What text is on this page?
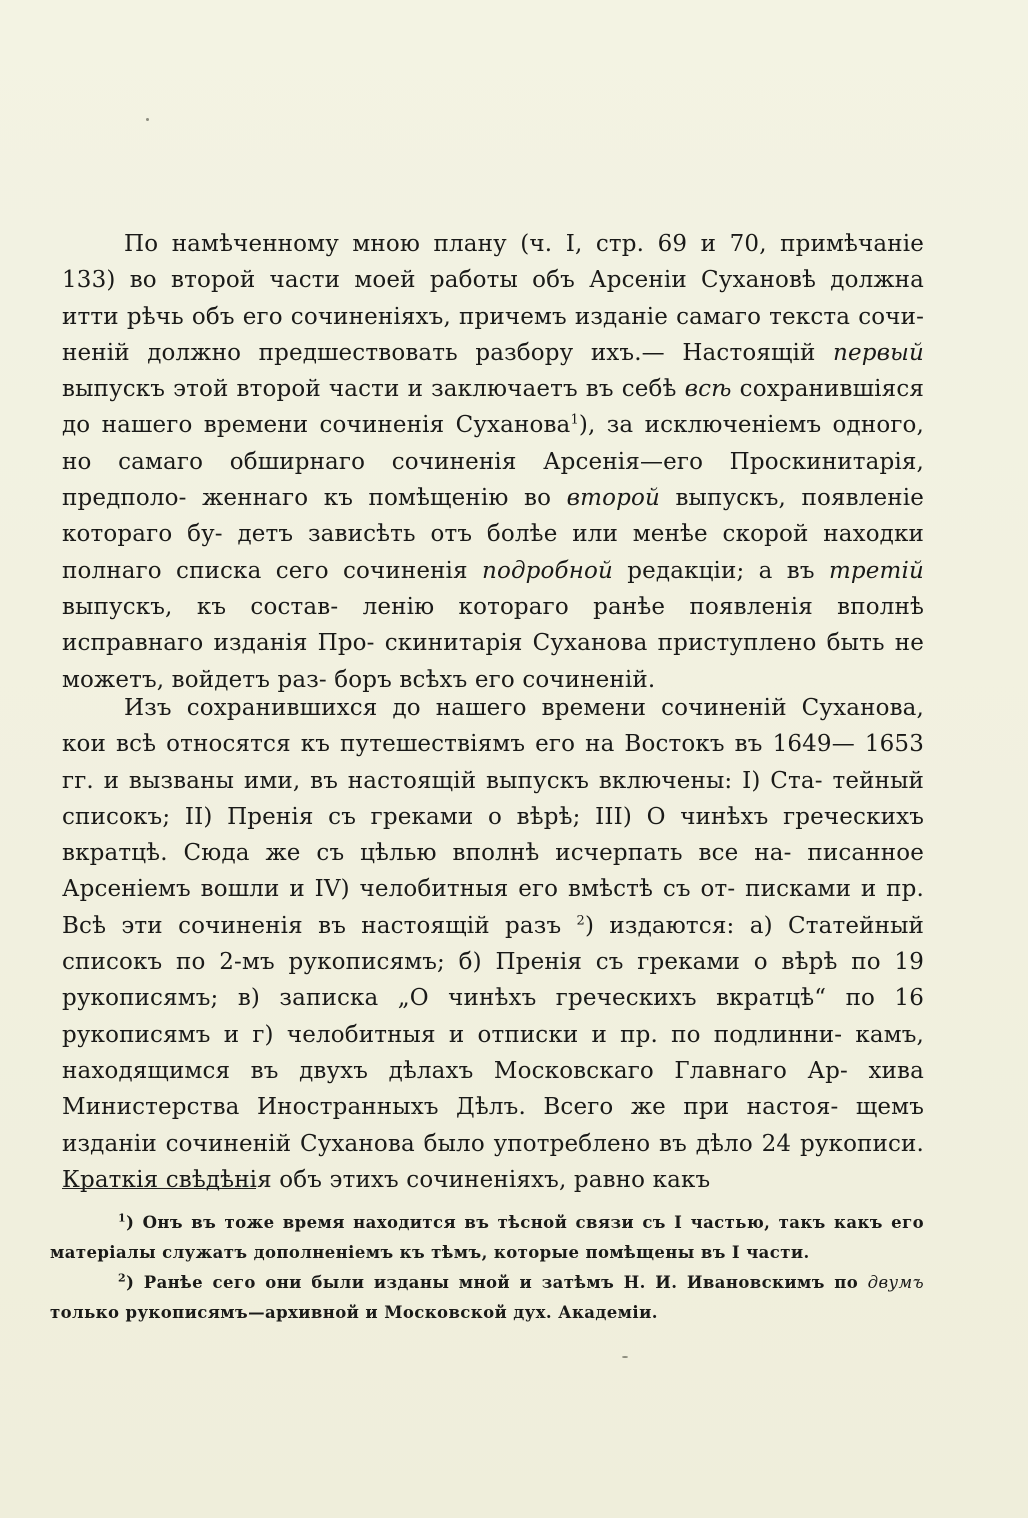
По намѣченному мною плану (ч. I, стр. 69 и 70, примѣчаніе 133) во второй части моей работы объ Арсеніи Сухановѣ должна итти рѣчь объ его сочиненіяхъ, причемъ изданіе самаго текста сочи- неній должно предшествовать разбору ихъ.— Настоящій первый выпускъ этой второй части и заключаетъ въ себѣ всѣ сохранившіяся до нашего времени сочиненія Суханова$^1$), за исключеніемъ одного, но самаго обширнаго сочиненія Арсенія—его Проскинитарія, предполо- женнаго къ помѣщенію во второй выпускъ, появленіе котораго бу- детъ зависѣть отъ болѣе или менѣе скорой находки полнаго списка сего сочиненія подробной редакціи; а въ третій выпускъ, къ состав- ленію котораго ранѣе появленія вполнѣ исправнаго изданія Про- скинитарія Суханова приступлено быть не можетъ, войдетъ раз- боръ всѣхъ его сочиненій.

Изъ сохранившихся до нашего времени сочиненій Суханова, кои всѣ относятся къ путешествіямъ его на Востокъ въ 1649— 1653 гг. и вызваны ими, въ настоящій выпускъ включены: I) Ста- тейный списокъ; II) Пренія съ греками о вѣрѣ; III) О чинѣхъ греческихъ вкратцѣ. Сюда же съ цѣлью вполнѣ исчерпать все на- писанное Арсеніемъ вошли и IV) челобитныя его вмѣстѣ съ от- писками и пр. Всѣ эти сочиненія въ настоящій разъ $^2$) издаются: а) Статейный списокъ по 2-мъ рукописямъ; б) Пренія съ греками о вѣрѣ по 19 рукописямъ; в) записка „О чинѣхъ греческихъ вкратцѣ“ по 16 рукописямъ и г) челобитныя и отписки и пр. по подлинни- камъ, находящимся въ двухъ дѣлахъ Московскаго Главнаго Ар- хива Министерства Иностранныхъ Дѣлъ. Всего же при настоя- щемъ изданіи сочиненій Суханова было употреблено въ дѣло 24 рукописи. Краткія свѣдѣнія объ этихъ сочиненіяхъ, равно какъ

$^1$) Онъ въ тоже время находится въ тѣсной связи съ I частью, такъ какъ его матеріалы служатъ дополненіемъ къ тѣмъ, которые помѣщены въ I части.

$^2$) Ранѣе сего они были изданы мной и затѣмъ Н. И. Ивановскимъ по двумъ только рукописямъ—архивной и Московской дух. Академіи.
